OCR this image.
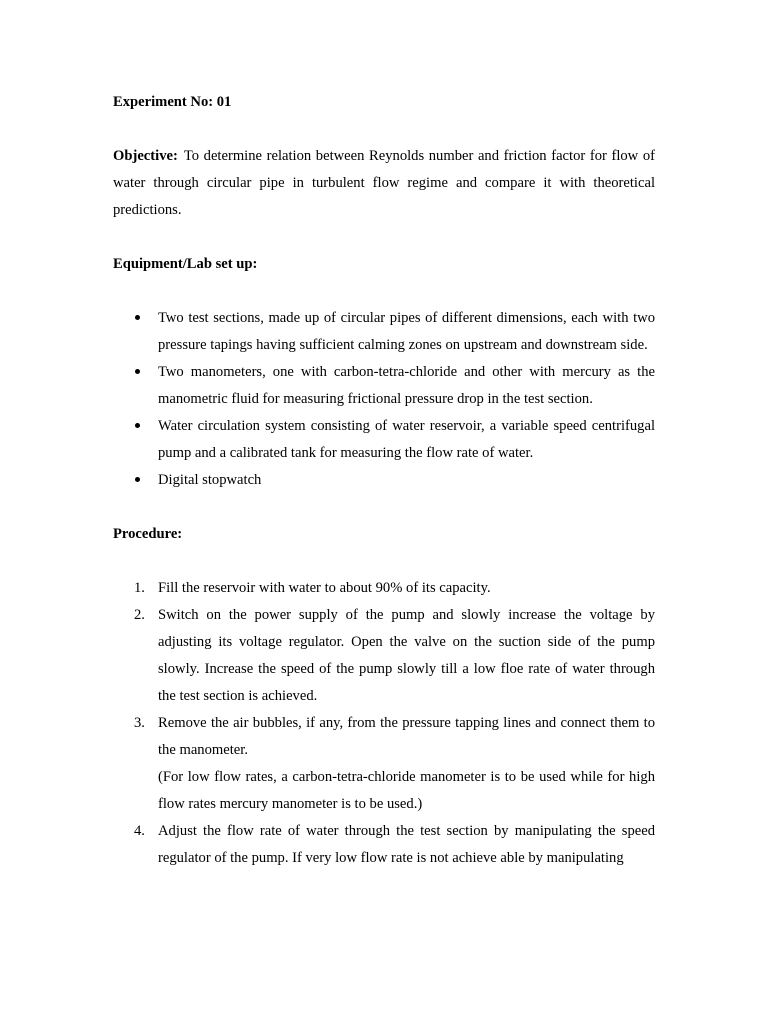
Experiment No: 01

Objective: To determine relation between Reynolds number and friction factor for flow of water through circular pipe in turbulent flow regime and compare it with theoretical predictions.

Equipment/Lab set up:

Two test sections, made up of circular pipes of different dimensions, each with two pressure tapings having sufficient calming zones on upstream and downstream side.
Two manometers, one with carbon-tetra-chloride and other with mercury as the manometric fluid for measuring frictional pressure drop in the test section.
Water circulation system consisting of water reservoir, a variable speed centrifugal pump and a calibrated tank for measuring the flow rate of water.
Digital stopwatch

Procedure:

1. Fill the reservoir with water to about 90% of its capacity.
2. Switch on the power supply of the pump and slowly increase the voltage by adjusting its voltage regulator. Open the valve on the suction side of the pump slowly. Increase the speed of the pump slowly till a low floe rate of water through the test section is achieved.
3. Remove the air bubbles, if any, from the pressure tapping lines and connect them to the manometer.
(For low flow rates, a carbon-tetra-chloride manometer is to be used while for high flow rates mercury manometer is to be used.)
4. Adjust the flow rate of water through the test section by manipulating the speed regulator of the pump. If very low flow rate is not achieve able by manipulating
